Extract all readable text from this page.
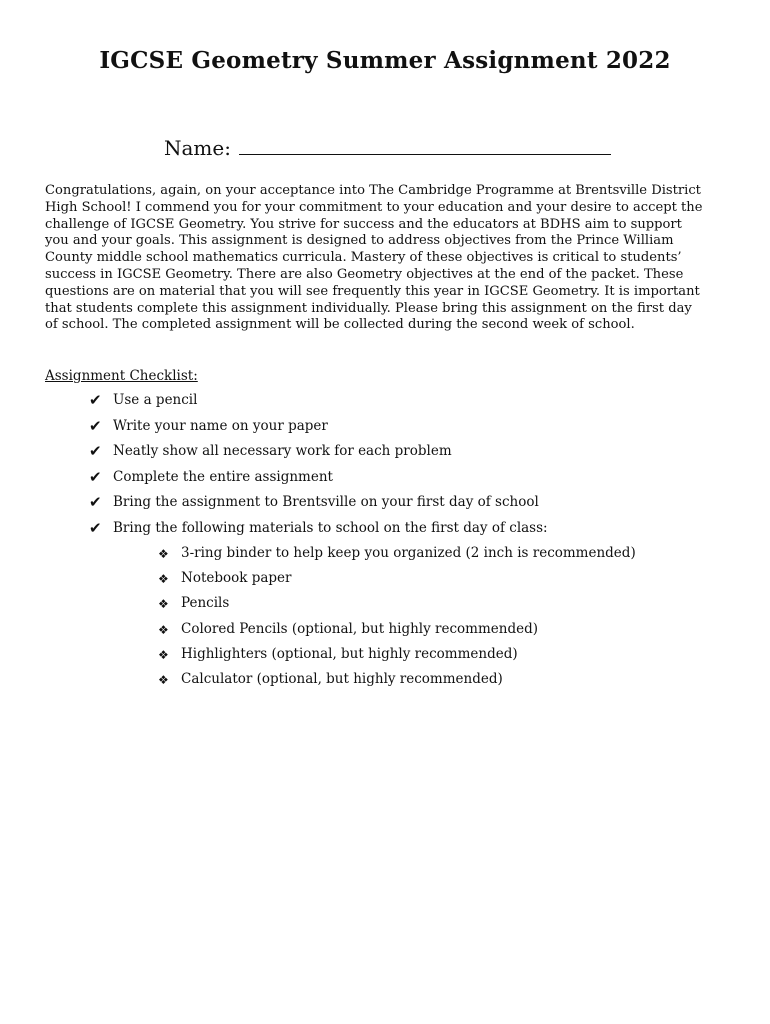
IGCSE Geometry Summer Assignment 2022
Name:

Congratulations, again, on your acceptance into The Cambridge Programme at Brentsville District
High School! I commend you for your commitment to your education and your desire to accept the
challenge of IGCSE Geometry. You strive for success and the educators at BDHS aim to support
you and your goals. This assignment is designed to address objectives from the Prince William
County middle school mathematics curricula. Mastery of these objectives is critical to students’
success in IGCSE Geometry. There are also Geometry objectives at the end of the packet. These
questions are on material that you will see frequently this year in IGCSE Geometry. It is important
that students complete this assignment individually. Please bring this assignment on the first day
of school. The completed assignment will be collected during the second week of school.

Assignment Checklist:
✔ Use a pencil
✔ Write your name on your paper
✔ Neatly show all necessary work for each problem
✔ Complete the entire assignment
✔ Bring the assignment to Brentsville on your first day of school
✔ Bring the following materials to school on the first day of class:
❖ 3-ring binder to help keep you organized (2 inch is recommended)
❖ Notebook paper
❖ Pencils
❖ Colored Pencils (optional, but highly recommended)
❖ Highlighters (optional, but highly recommended)
❖ Calculator (optional, but highly recommended)
